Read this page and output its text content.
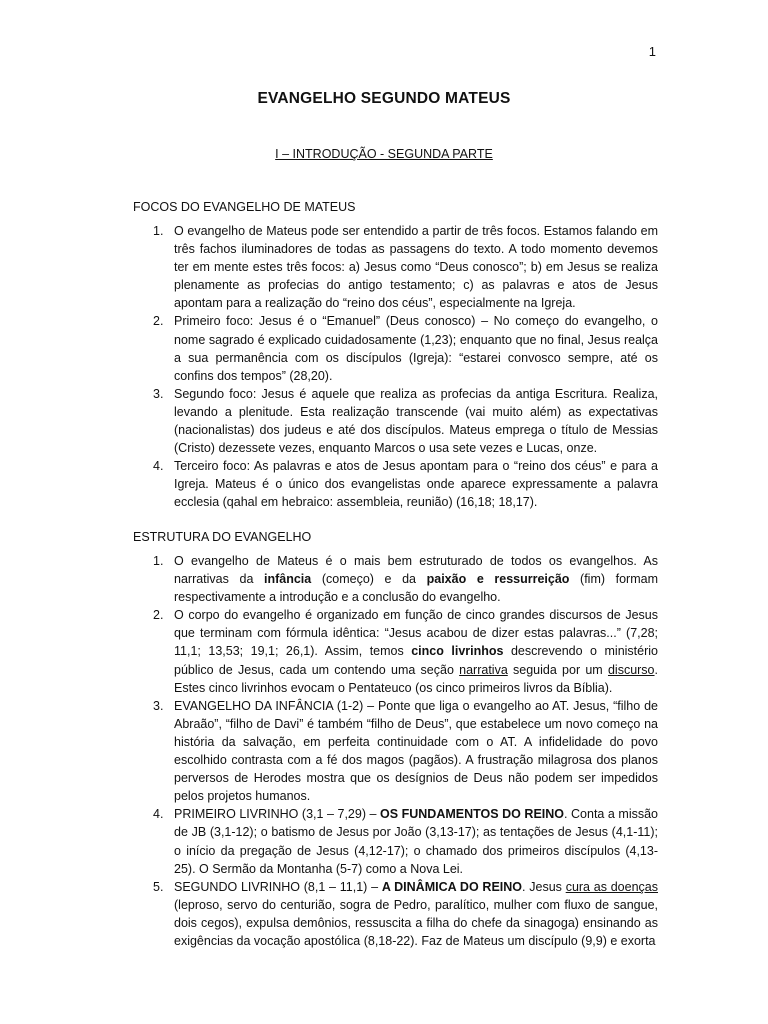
1
EVANGELHO SEGUNDO MATEUS
I – INTRODUÇÃO - SEGUNDA PARTE
FOCOS DO EVANGELHO DE MATEUS
1. O evangelho de Mateus pode ser entendido a partir de três focos. Estamos falando em três fachos iluminadores de todas as passagens do texto. A todo momento devemos ter em mente estes três focos: a) Jesus como “Deus conosco”; b) em Jesus se realiza plenamente as profecias do antigo testamento; c) as palavras e atos de Jesus apontam para a realização do “reino dos céus”, especialmente na Igreja.
2. Primeiro foco: Jesus é o “Emanuel” (Deus conosco) – No começo do evangelho, o nome sagrado é explicado cuidadosamente (1,23); enquanto que no final, Jesus realça a sua permanência com os discípulos (Igreja): “estarei convosco sempre, até os confins dos tempos” (28,20).
3. Segundo foco: Jesus é aquele que realiza as profecias da antiga Escritura. Realiza, levando a plenitude. Esta realização transcende (vai muito além) as expectativas (nacionalistas) dos judeus e até dos discípulos. Mateus emprega o título de Messias (Cristo) dezessete vezes, enquanto Marcos o usa sete vezes e Lucas, onze.
4. Terceiro foco: As palavras e atos de Jesus apontam para o “reino dos céus” e para a Igreja. Mateus é o único dos evangelistas onde aparece expressamente a palavra ecclesia (qahal em hebraico: assembleia, reunião) (16,18; 18,17).
ESTRUTURA DO EVANGELHO
1. O evangelho de Mateus é o mais bem estruturado de todos os evangelhos. As narrativas da infância (começo) e da paixão e ressurreição (fim) formam respectivamente a introdução e a conclusão do evangelho.
2. O corpo do evangelho é organizado em função de cinco grandes discursos de Jesus que terminam com fórmula idêntica: “Jesus acabou de dizer estas palavras...” (7,28; 11,1; 13,53; 19,1; 26,1). Assim, temos cinco livrinhos descrevendo o ministério público de Jesus, cada um contendo uma seção narrativa seguida por um discurso. Estes cinco livrinhos evocam o Pentateuco (os cinco primeiros livros da Bíblia).
3. EVANGELHO DA INFÂNCIA (1-2) – Ponte que liga o evangelho ao AT. Jesus, “filho de Abraão”, “filho de Davi” é também “filho de Deus”, que estabelece um novo começo na história da salvação, em perfeita continuidade com o AT. A infidelidade do povo escolhido contrasta com a fé dos magos (pagãos). A frustração milagrosa dos planos perversos de Herodes mostra que os desígnios de Deus não podem ser impedidos pelos projetos humanos.
4. PRIMEIRO LIVRINHO (3,1 – 7,29) – OS FUNDAMENTOS DO REINO. Conta a missão de JB (3,1-12); o batismo de Jesus por João (3,13-17); as tentações de Jesus (4,1-11); o início da pregação de Jesus (4,12-17); o chamado dos primeiros discípulos (4,13-25). O Sermão da Montanha (5-7) como a Nova Lei.
5. SEGUNDO LIVRINHO (8,1 – 11,1) – A DINÂMICA DO REINO. Jesus cura as doenças (leproso, servo do centurião, sogra de Pedro, paralítico, mulher com fluxo de sangue, dois cegos), expulsa demônios, ressuscita a filha do chefe da sinagoga) ensinando as exigências da vocação apostólica (8,18-22). Faz de Mateus um discípulo (9,9) e exorta
